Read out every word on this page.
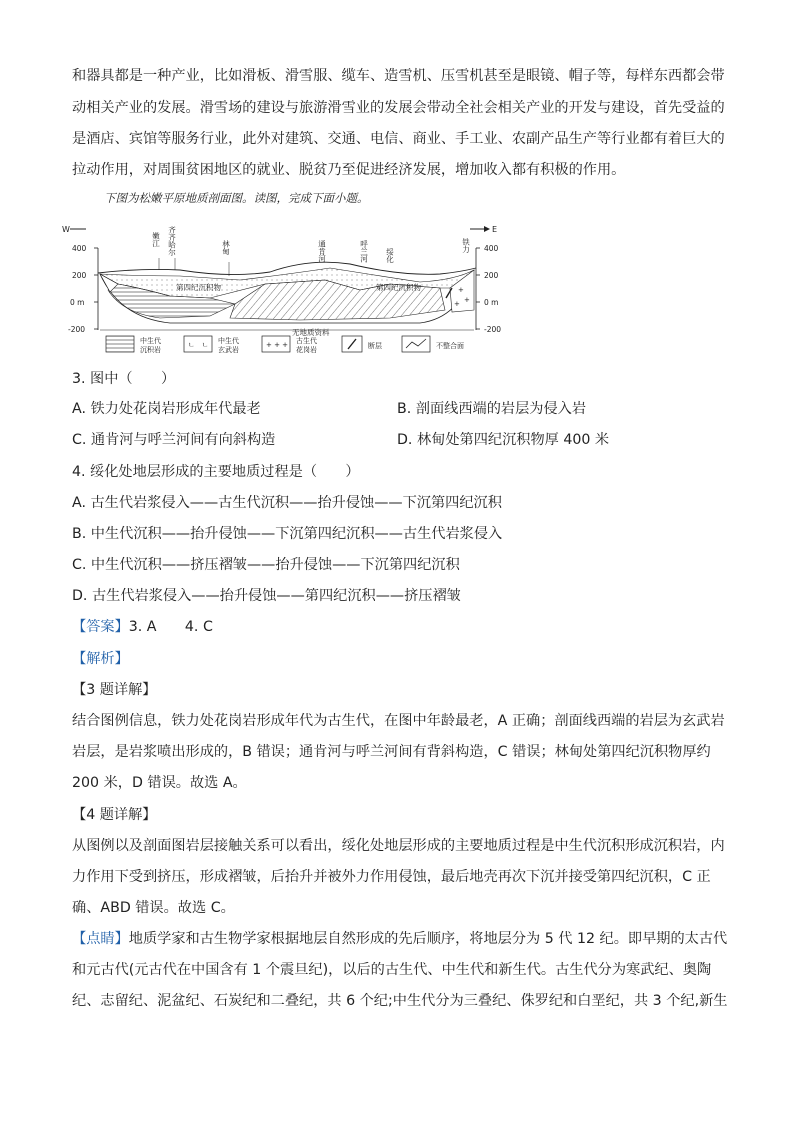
和器具都是一种产业，比如滑板、滑雪服、缆车、造雪机、压雪机甚至是眼镜、帽子等，每样东西都会带
动相关产业的发展。滑雪场的建设与旅游滑雪业的发展会带动全社会相关产业的开发与建设，首先受益的
是酒店、宾馆等服务行业，此外对建筑、交通、电信、商业、手工业、农副产品生产等行业都有着巨大的
拉动作用，对周围贫困地区的就业、脱贫乃至促进经济发展，增加收入都有积极的作用。
下图为松嫩平原地质剖面图。读图，完成下面小题。
W	E
400
200
0 m
-200
400
200
0 m
-200
+
+
+
嫩江 齐齐哈尔	林甸	通肯河	呼兰河 绥化
铁力
第四纪沉积物	第四纪沉积物
无地质资料
中生代
沉积岩
ㄴ　ㄴ 中生代
玄武岩
+ + + 古生代
花岗岩	断层	不整合面
3. 图中（　　）
A. 铁力处花岗岩形成年代最老	B. 剖面线西端的岩层为侵入岩
C. 通肯河与呼兰河间有向斜构造	D. 林甸处第四纪沉积物厚 400 米
4. 绥化处地层形成的主要地质过程是（　　）
A. 古生代岩浆侵入——古生代沉积——抬升侵蚀——下沉第四纪沉积
B. 中生代沉积——抬升侵蚀——下沉第四纪沉积——古生代岩浆侵入
C. 中生代沉积——挤压褶皱——抬升侵蚀——下沉第四纪沉积
D. 古生代岩浆侵入——抬升侵蚀——第四纪沉积——挤压褶皱
【答案】3. A　　4. C
【解析】
【3 题详解】
结合图例信息，铁力处花岗岩形成年代为古生代，在图中年龄最老，A 正确；剖面线西端的岩层为玄武岩
岩层，是岩浆喷出形成的，B 错误；通肯河与呼兰河间有背斜构造，C 错误；林甸处第四纪沉积物厚约
200 米，D 错误。故选 A。
【4 题详解】
从图例以及剖面图岩层接触关系可以看出，绥化处地层形成的主要地质过程是中生代沉积形成沉积岩，内
力作用下受到挤压，形成褶皱，后抬升并被外力作用侵蚀，最后地壳再次下沉并接受第四纪沉积，C 正
确、ABD 错误。故选 C。
【点睛】地质学家和古生物学家根据地层自然形成的先后顺序，将地层分为 5 代 12 纪。即早期的太古代
和元古代(元古代在中国含有 1 个震旦纪)，以后的古生代、中生代和新生代。古生代分为寒武纪、奥陶
纪、志留纪、泥盆纪、石炭纪和二叠纪，共 6 个纪;中生代分为三叠纪、侏罗纪和白垩纪，共 3 个纪,新生
